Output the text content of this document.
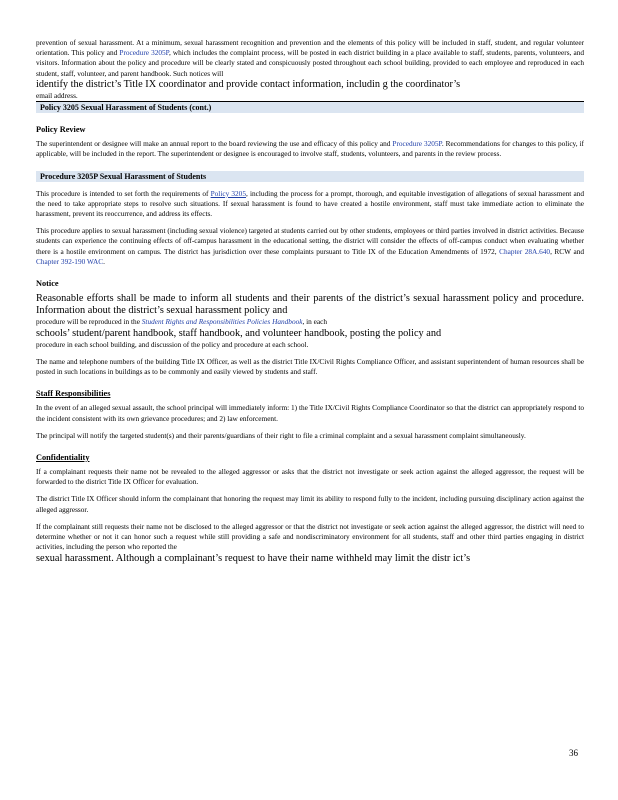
prevention of sexual harassment. At a minimum, sexual harassment recognition and prevention and the elements of this policy will be included in staff, student, and regular volunteer orientation. This policy and Procedure 3205P, which includes the complaint process, will be posted in each district building in a place available to staff, students, parents, volunteers, and visitors. Information about the policy and procedure will be clearly stated and conspicuously posted throughout each school building, provided to each employee and reproduced in each student, staff, volunteer, and parent handbook. Such notices will

identify the district’s Title IX coordinator and provide contact information, includin g the coordinator’s

email address.

Policy 3205 Sexual Harassment of Students (cont.)

Policy Review

The superintendent or designee will make an annual report to the board reviewing the use and efficacy of this policy and Procedure 3205P. Recommendations for changes to this policy, if applicable, will be included in the report. The superintendent or designee is encouraged to involve staff, students, volunteers, and parents in the review process.

Procedure 3205P Sexual Harassment of Students

This procedure is intended to set forth the requirements of Policy 3205, including the process for a prompt, thorough, and equitable investigation of allegations of sexual harassment and the need to take appropriate steps to resolve such situations. If sexual harassment is found to have created a hostile environment, staff must take immediate action to eliminate the harassment, prevent its reoccurrence, and address its effects.

This procedure applies to sexual harassment (including sexual violence) targeted at students carried out by other students, employees or third parties involved in district activities. Because students can experience the continuing effects of off-campus harassment in the educational setting, the district will consider the effects of off-campus conduct when evaluating whether there is a hostile environment on campus. The district has jurisdiction over these complaints pursuant to Title IX of the Education Amendments of 1972, Chapter 28A.640, RCW and Chapter 392-190 WAC.

Notice

Reasonable efforts shall be made to inform all students and their parents of the district’s sexual harassment policy and procedure. Information about the district’s sexual harassment policy and

procedure will be reproduced in the Student Rights and Responsibilities Policies Handbook, in each

schools’ student/parent handbook, staff handbook, and volunteer handbook, posting the policy and

procedure in each school building, and discussion of the policy and procedure at each school.

The name and telephone numbers of the building Title IX Officer, as well as the district Title IX/Civil Rights Compliance Officer, and assistant superintendent of human resources shall be posted in such locations in buildings as to be commonly and easily viewed by students and staff.

Staff Responsibilities

In the event of an alleged sexual assault, the school principal will immediately inform: 1) the Title IX/Civil Rights Compliance Coordinator so that the district can appropriately respond to the incident consistent with its own grievance procedures; and 2) law enforcement.

The principal will notify the targeted student(s) and their parents/guardians of their right to file a criminal complaint and a sexual harassment complaint simultaneously.

Confidentiality

If a complainant requests their name not be revealed to the alleged aggressor or asks that the district not investigate or seek action against the alleged aggressor, the request will be forwarded to the district Title IX Officer for evaluation.

The district Title IX Officer should inform the complainant that honoring the request may limit its ability to respond fully to the incident, including pursuing disciplinary action against the alleged aggressor.

If the complainant still requests their name not be disclosed to the alleged aggressor or that the district not investigate or seek action against the alleged aggressor, the district will need to determine whether or not it can honor such a request while still providing a safe and nondiscriminatory environment for all students, staff and other third parties engaging in district activities, including the person who reported the

sexual harassment. Although a complainant’s request to have their name withheld may limit the distr ict’s

36
